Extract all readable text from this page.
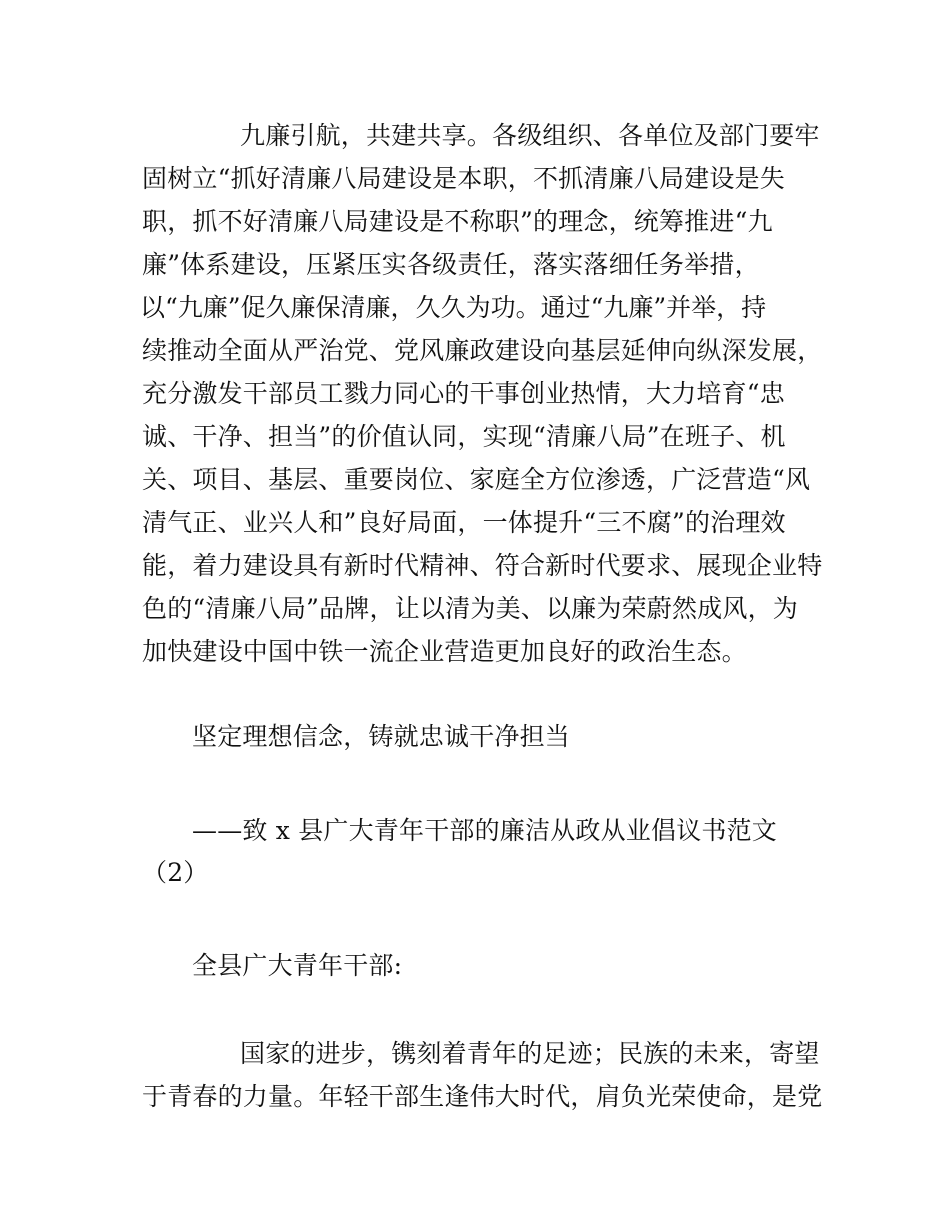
九廉引航，共建共享。各级组织、各单位及部门要牢
固树立“抓好清廉八局建设是本职，不抓清廉八局建设是失
职，抓不好清廉八局建设是不称职”的理念，统筹推进“九
廉”体系建设，压紧压实各级责任，落实落细任务举措，
以“九廉”促久廉保清廉，久久为功。通过“九廉”并举，持
续推动全面从严治党、党风廉政建设向基层延伸向纵深发展，
充分激发干部员工戮力同心的干事创业热情，大力培育“忠
诚、干净、担当”的价值认同，实现“清廉八局”在班子、机
关、项目、基层、重要岗位、家庭全方位渗透，广泛营造“风
清气正、业兴人和”良好局面，一体提升“三不腐”的治理效
能，着力建设具有新时代精神、符合新时代要求、展现企业特
色的“清廉八局”品牌，让以清为美、以廉为荣蔚然成风，为
加快建设中国中铁一流企业营造更加良好的政治生态。
坚定理想信念，铸就忠诚干净担当
——致 x 县广大青年干部的廉洁从政从业倡议书范文
（2）
全县广大青年干部:
国家的进步，镌刻着青年的足迹；民族的未来，寄望
于青春的力量。年轻干部生逢伟大时代，肩负光荣使命，是党
